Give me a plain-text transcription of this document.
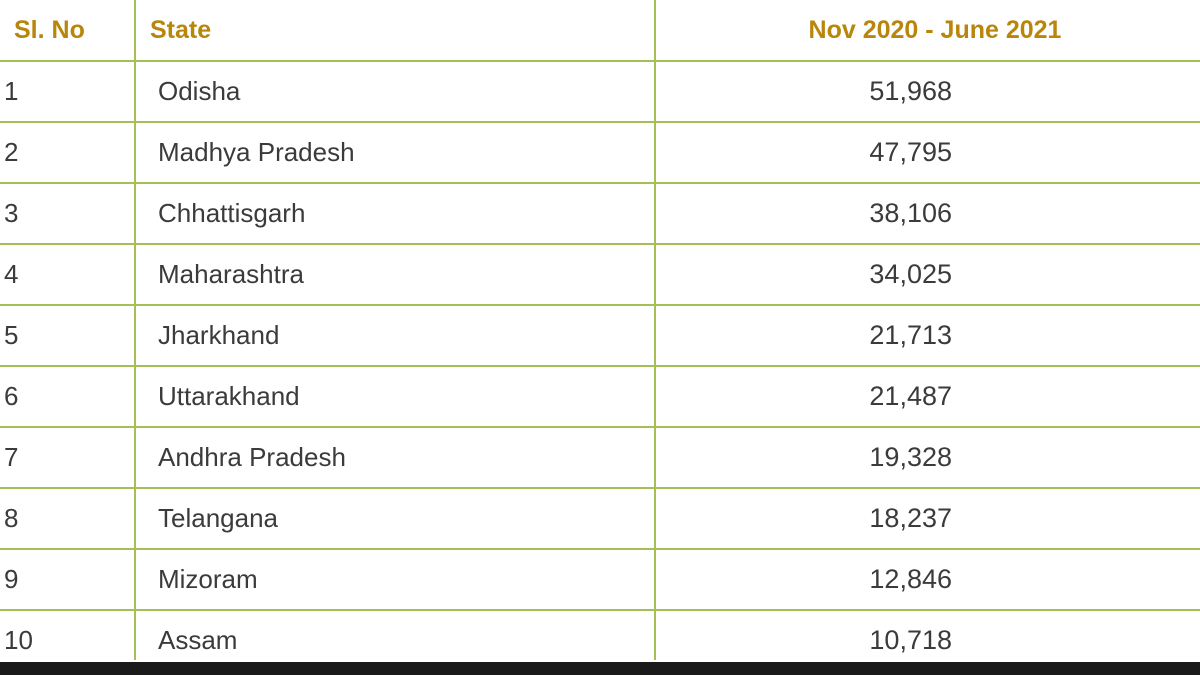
Sl. No	State	Nov 2020 - June 2021

1	Odisha	51,968

2	Madhya Pradesh	47,795

3	Chhattisgarh	38,106

4	Maharashtra	34,025

5	Jharkhand	21,713

6	Uttarakhand	21,487

7	Andhra Pradesh	19,328

8	Telangana	18,237

9	Mizoram	12,846

10	Assam	10,718
